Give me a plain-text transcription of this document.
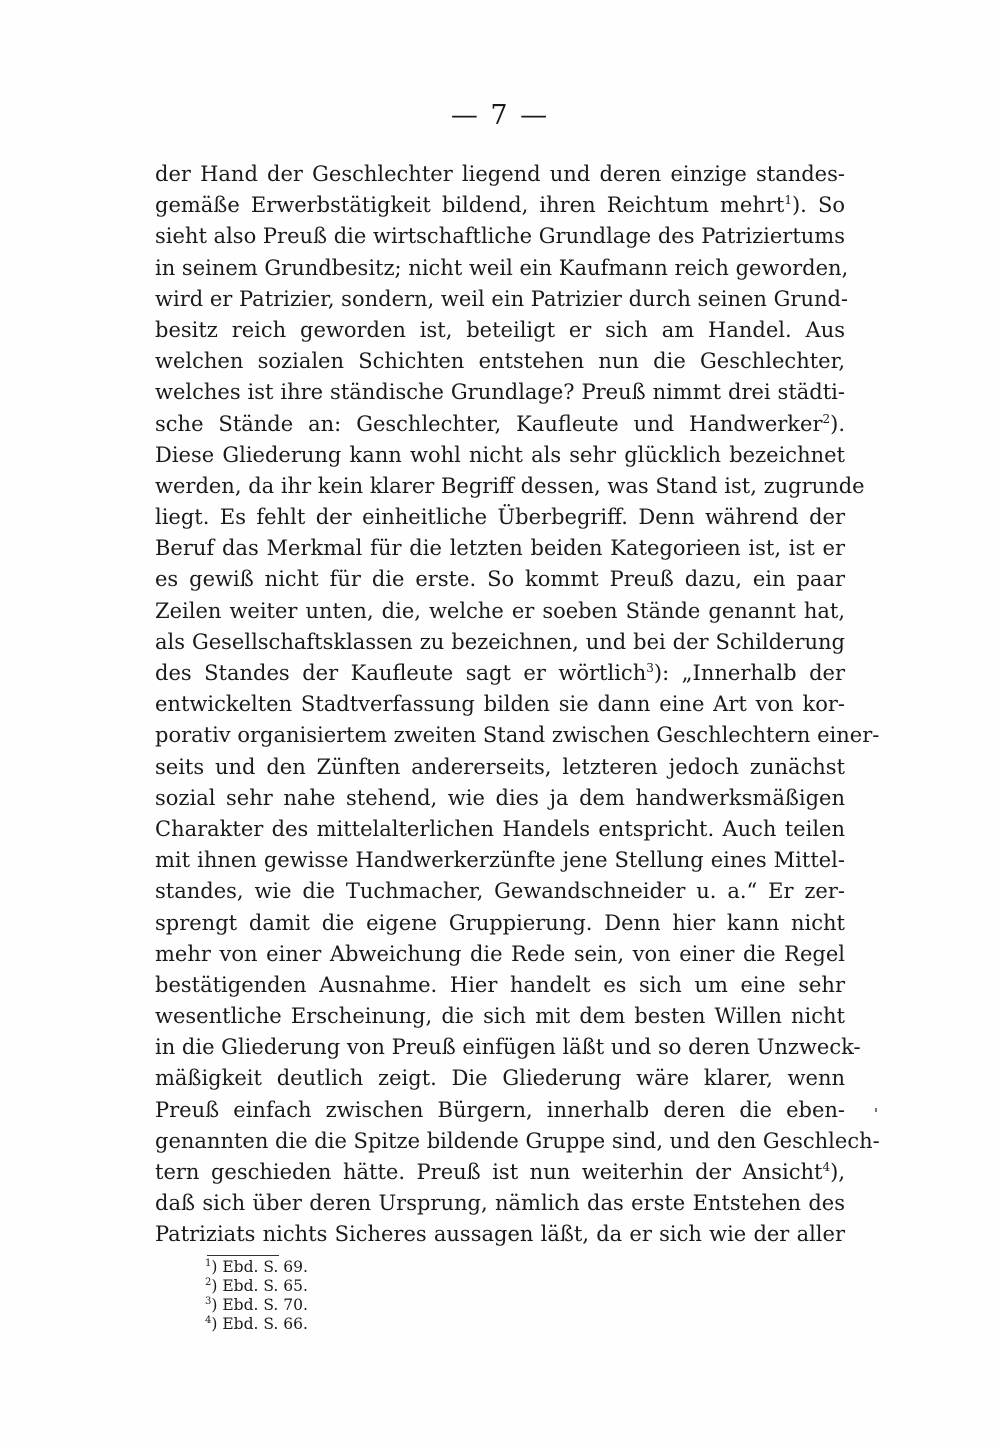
— 7 —
der Hand der Geschlechter liegend und deren einzige standes-
gemäße Erwerbstätigkeit bildend, ihren Reichtum mehrt$^1$). So
sieht also Preuß die wirtschaftliche Grundlage des Patriziertums
in seinem Grundbesitz; nicht weil ein Kaufmann reich geworden,
wird er Patrizier, sondern, weil ein Patrizier durch seinen Grund-
besitz reich geworden ist, beteiligt er sich am Handel. Aus
welchen sozialen Schichten entstehen nun die Geschlechter,
welches ist ihre ständische Grundlage? Preuß nimmt drei städti-
sche Stände an: Geschlechter, Kaufleute und Handwerker$^2$).
Diese Gliederung kann wohl nicht als sehr glücklich bezeichnet
werden, da ihr kein klarer Begriff dessen, was Stand ist, zugrunde
liegt. Es fehlt der einheitliche Überbegriff. Denn während der
Beruf das Merkmal für die letzten beiden Kategorieen ist, ist er
es gewiß nicht für die erste. So kommt Preuß dazu, ein paar
Zeilen weiter unten, die, welche er soeben Stände genannt hat,
als Gesellschaftsklassen zu bezeichnen, und bei der Schilderung
des Standes der Kaufleute sagt er wörtlich$^3$): „Innerhalb der
entwickelten Stadtverfassung bilden sie dann eine Art von kor-
porativ organisiertem zweiten Stand zwischen Geschlechtern einer-
seits und den Zünften andererseits, letzteren jedoch zunächst
sozial sehr nahe stehend, wie dies ja dem handwerksmäßigen
Charakter des mittelalterlichen Handels entspricht. Auch teilen
mit ihnen gewisse Handwerkerzünfte jene Stellung eines Mittel-
standes, wie die Tuchmacher, Gewandschneider u. a.“ Er zer-
sprengt damit die eigene Gruppierung. Denn hier kann nicht
mehr von einer Abweichung die Rede sein, von einer die Regel
bestätigenden Ausnahme. Hier handelt es sich um eine sehr
wesentliche Erscheinung, die sich mit dem besten Willen nicht
in die Gliederung von Preuß einfügen läßt und so deren Unzweck-
mäßigkeit deutlich zeigt. Die Gliederung wäre klarer, wenn
Preuß einfach zwischen Bürgern, innerhalb deren die eben-
genannten die die Spitze bildende Gruppe sind, und den Geschlech-
tern geschieden hätte. Preuß ist nun weiterhin der Ansicht$^4$),
daß sich über deren Ursprung, nämlich das erste Entstehen des
Patriziats nichts Sicheres aussagen läßt, da er sich wie der aller
$^1$) Ebd. S. 69.
$^2$) Ebd. S. 65.
$^3$) Ebd. S. 70.
$^4$) Ebd. S. 66.
